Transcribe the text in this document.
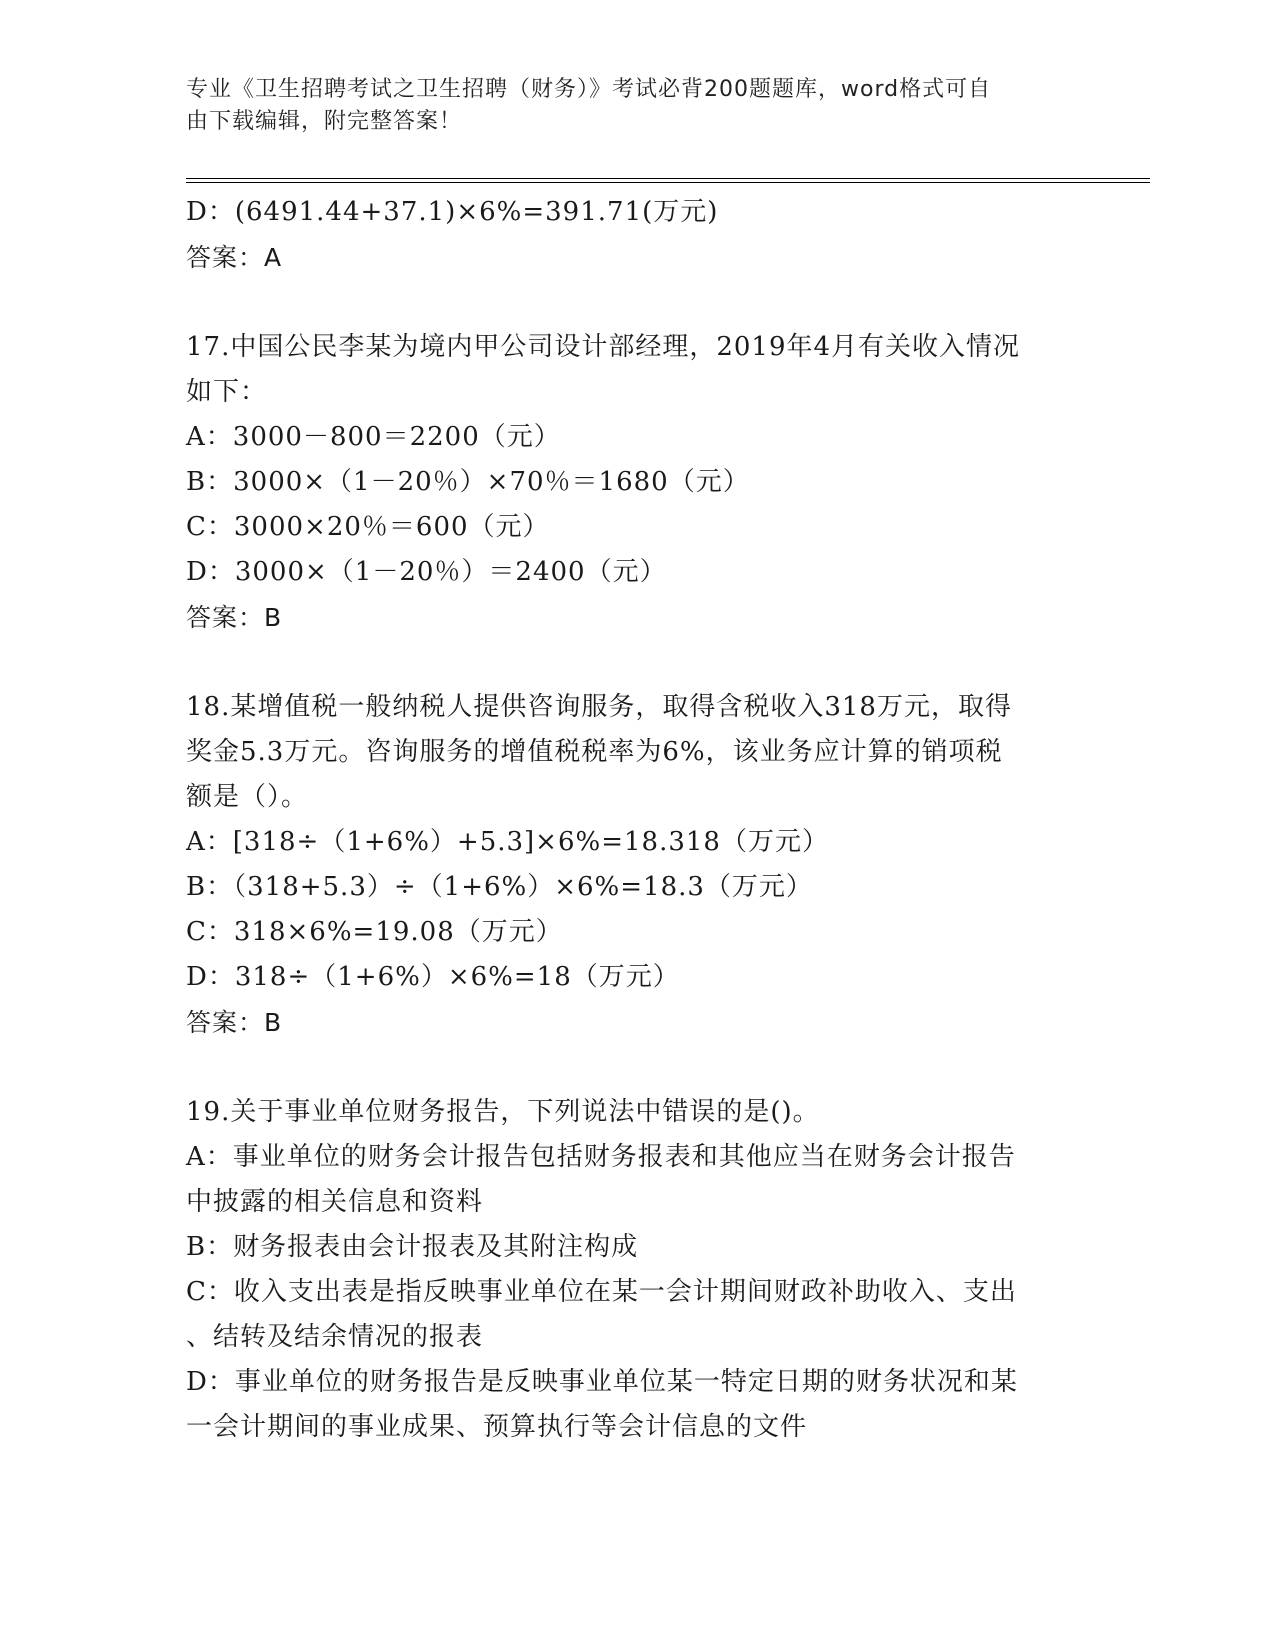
专业《卫生招聘考试之卫生招聘（财务）》考试必背200题题库，word格式可自
由下载编辑，附完整答案！
D：(6491.44+37.1)×6%=391.71(万元)
答案：A
17.中国公民李某为境内甲公司设计部经理，2019年4月有关收入情况
如下：
A：3000－800＝2200（元）
B：3000×（1－20％）×70％＝1680（元）
C：3000×20％＝600（元）
D：3000×（1－20％）＝2400（元）
答案：B
18.某增值税一般纳税人提供咨询服务，取得含税收入318万元，取得
奖金5.3万元。咨询服务的增值税税率为6%，该业务应计算的销项税
额是（）。
A：[318÷（1+6%）+5.3]×6%=18.318（万元）
B：（318+5.3）÷（1+6%）×6%=18.3（万元）
C：318×6%=19.08（万元）
D：318÷（1+6%）×6%=18（万元）
答案：B
19.关于事业单位财务报告，下列说法中错误的是()。
A：事业单位的财务会计报告包括财务报表和其他应当在财务会计报告
中披露的相关信息和资料
B：财务报表由会计报表及其附注构成
C：收入支出表是指反映事业单位在某一会计期间财政补助收入、支出
、结转及结余情况的报表
D：事业单位的财务报告是反映事业单位某一特定日期的财务状况和某
一会计期间的事业成果、预算执行等会计信息的文件
